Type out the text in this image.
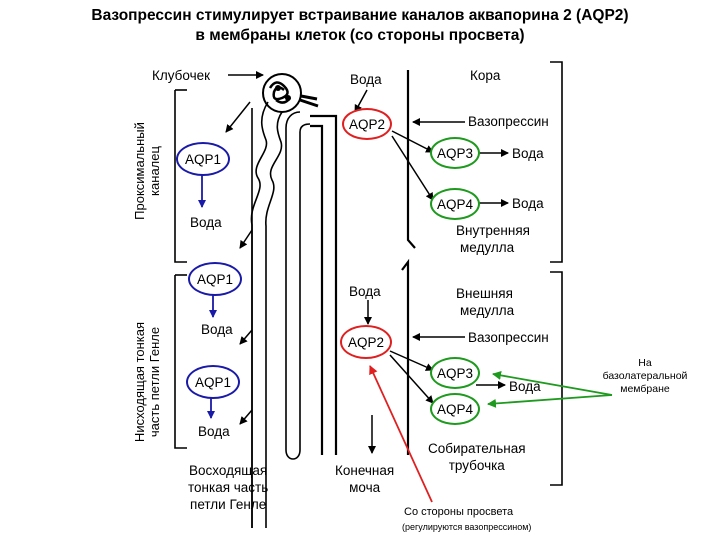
Вазопрессин стимулирует встраивание каналов аквапорина 2 (AQP2)
в мембраны клеток (со стороны просвета)
Проксимальный каналец
Нисходящая тонкая часть петли Генле
Клубочек	Вода	Кора
Вазопрессин
Вода
Вода
Внутренняя
медулла
Вода
Вода
Вода
Вода	Внешняя
медулла
Вазопрессин
Вода
Собирательная
трубочка
Восходящая
тонкая часть
петли Генле
Конечная
моча
AQP2
AQP3
AQP4
AQP1
AQP1
AQP2
AQP1
AQP3
AQP4
На
базолатеральной
мембране
Со стороны просвета
(регулируются вазопрессином)
